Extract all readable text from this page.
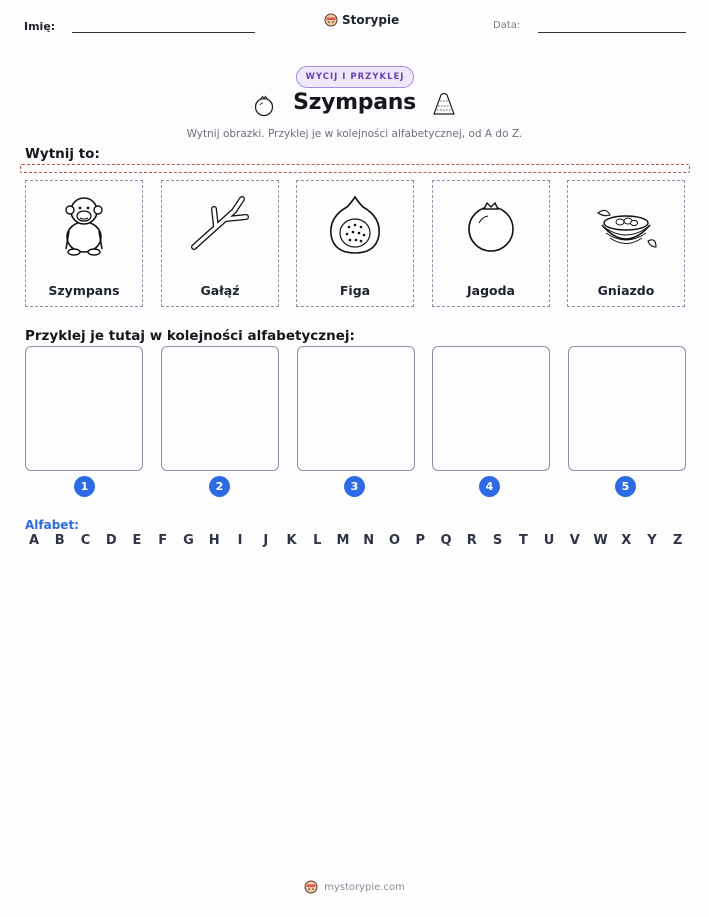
Imię:	Storypie	Data:
WYCIJ I PRZYKLEJ
Szympans
Wytnij obrazki. Przyklej je w kolejności alfabetycznej, od A do Z.
Wytnij to:
Szympans	Gałąź	Figa	Jagoda	Gniazdo
Przyklej je tutaj w kolejności alfabetycznej:
1	2	3	4	5
Alfabet:
A B C D E F G H	I	J	K L M N O P Q R S T U V W X Y Z
mystorypie.com
